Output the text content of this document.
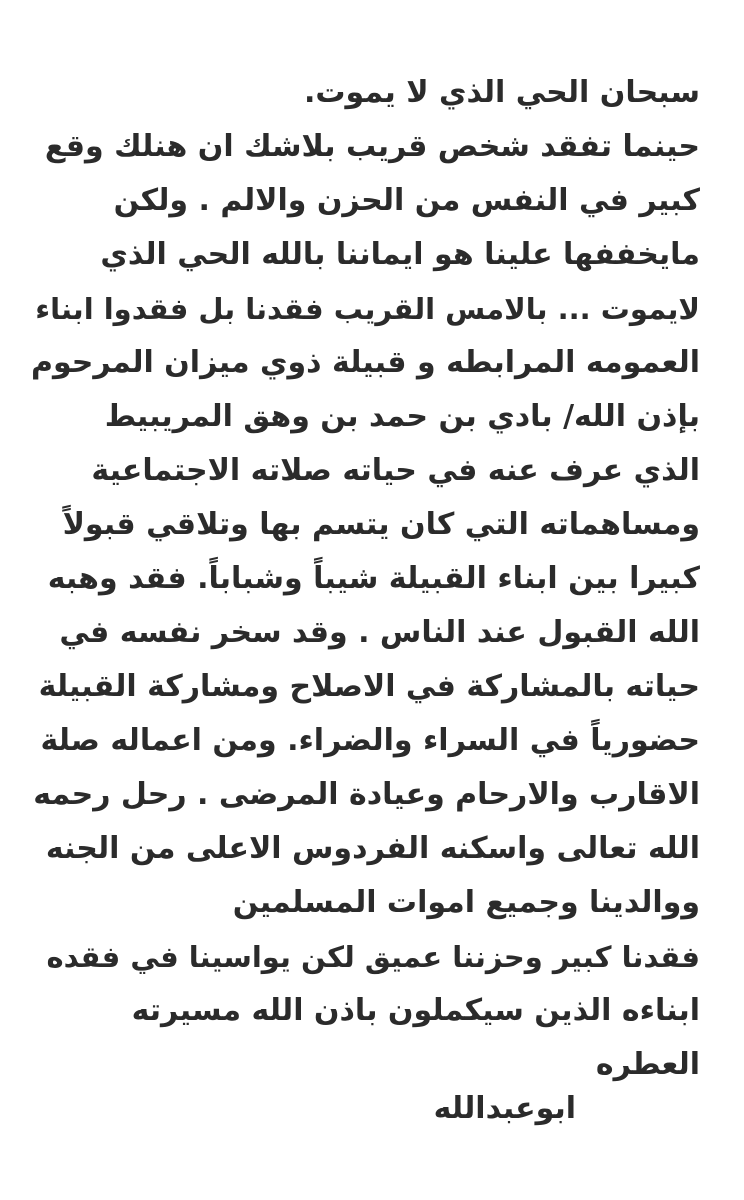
سبحان الحي الذي لا يموت.
حينما تفقد شخص قريب بلاشك ان هنلك وقع
كبير في النفس من الحزن والالم . ولكن
مايخففها علينا هو ايماننا بالله الحي الذي
لايموت ... بالامس القريب فقدنا بل فقدوا ابناء
العمومه المرابطه و قبيلة ذوي ميزان المرحوم
بإذن الله/ بادي بن حمد بن وهق المريبيط
الذي عرف عنه في حياته صلاته الاجتماعية
ومساهماته التي كان يتسم بها وتلاقي قبولاً
كبيرا بين ابناء القبيلة شيباً وشباباً. فقد وهبه
الله القبول عند الناس . وقد سخر نفسه في
حياته بالمشاركة في الاصلاح ومشاركة القبيلة
حضورياً في السراء والضراء. ومن اعماله صلة
الاقارب والارحام وعيادة المرضى . رحل رحمه
الله تعالى واسكنه الفردوس الاعلى من الجنه
ووالدينا وجميع اموات المسلمين
فقدنا كبير وحزننا عميق لكن يواسينا في فقده
ابناءه الذين سيكملون باذن الله مسيرته
العطره
ابوعبدالله
